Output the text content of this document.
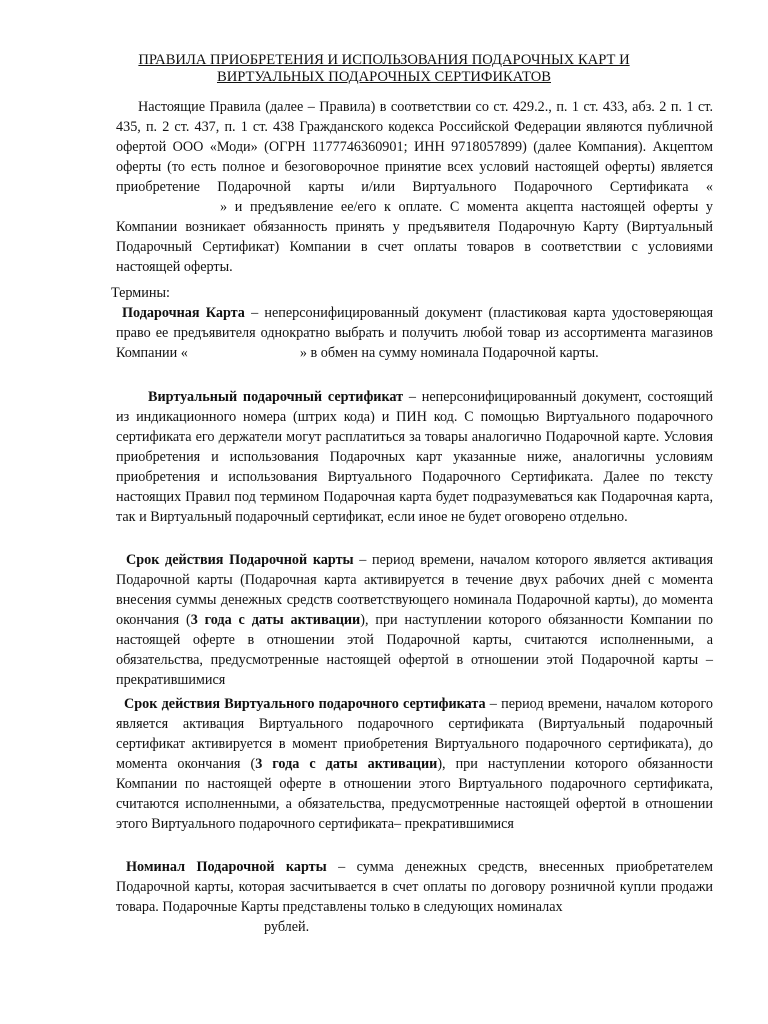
ПРАВИЛА ПРИОБРЕТЕНИЯ И ИСПОЛЬЗОВАНИЯ ПОДАРОЧНЫХ КАРТ И
ВИРТУАЛЬНЫХ ПОДАРОЧНЫХ СЕРТИФИКАТОВ

Настоящие Правила (далее – Правила) в соответствии со ст. 429.2., п. 1 ст. 433, абз. 2 п. 1 ст. 435, п. 2 ст. 437, п. 1 ст. 438 Гражданского кодекса Российской Федерации являются публичной офертой ООО «Моди» (ОГРН 1177746360901; ИНН 9718057899) (далее Компания). Акцептом оферты (то есть полное и безоговорочное принятие всех условий настоящей оферты) является приобретение Подарочной карты и/или Виртуального Подарочного Сертификата «» и предъявление ее/его к оплате. С момента акцепта настоящей оферты у Компании возникает обязанность принять у предъявителя Подарочную Карту (Виртуальный Подарочный Сертификат) Компании в счет оплаты товаров в соответствии с условиями настоящей оферты.

Термины:

Подарочная Карта – неперсонифицированный документ (пластиковая карта удостоверяющая право ее предъявителя однократно выбрать и получить любой товар из ассортимента магазинов Компании «	» в обмен на сумму номинала Подарочной карты.

Виртуальный подарочный сертификат – неперсонифицированный документ, состоящий из индикационного номера (штрих кода) и ПИН код. С помощью Виртуального подарочного сертификата его держатели могут расплатиться за товары аналогично Подарочной карте. Условия приобретения и использования Подарочных карт указанные ниже, аналогичны условиям приобретения и использования Виртуального Подарочного Сертификата. Далее по тексту настоящих Правил под термином Подарочная карта будет подразумеваться как Подарочная карта, так и Виртуальный подарочный сертификат, если иное не будет оговорено отдельно.

Срок действия Подарочной карты – период времени, началом которого является активация Подарочной карты (Подарочная карта активируется в течение двух рабочих дней с момента внесения суммы денежных средств соответствующего номинала Подарочной карты), до момента окончания (3 года с даты активации), при наступлении которого обязанности Компании по настоящей оферте в отношении этой Подарочной карты, считаются исполненными, а обязательства, предусмотренные настоящей офертой в отношении этой Подарочной карты – прекратившимися

Срок действия Виртуального подарочного сертификата – период времени, началом которого является активация Виртуального подарочного сертификата (Виртуальный подарочный сертификат активируется в момент приобретения Виртуального подарочного сертификата), до момента окончания (3 года с даты активации), при наступлении которого обязанности Компании по настоящей оферте в отношении этого Виртуального подарочного сертификата, считаются исполненными, а обязательства, предусмотренные настоящей офертой в отношении этого Виртуального подарочного сертификата– прекратившимися

Номинал Подарочной карты – сумма денежных средств, внесенных приобретателем Подарочной карты, которая засчитывается в счет оплаты по договору розничной купли продажи товара. Подарочные Карты представлены только в следующих номиналах
рублей.
